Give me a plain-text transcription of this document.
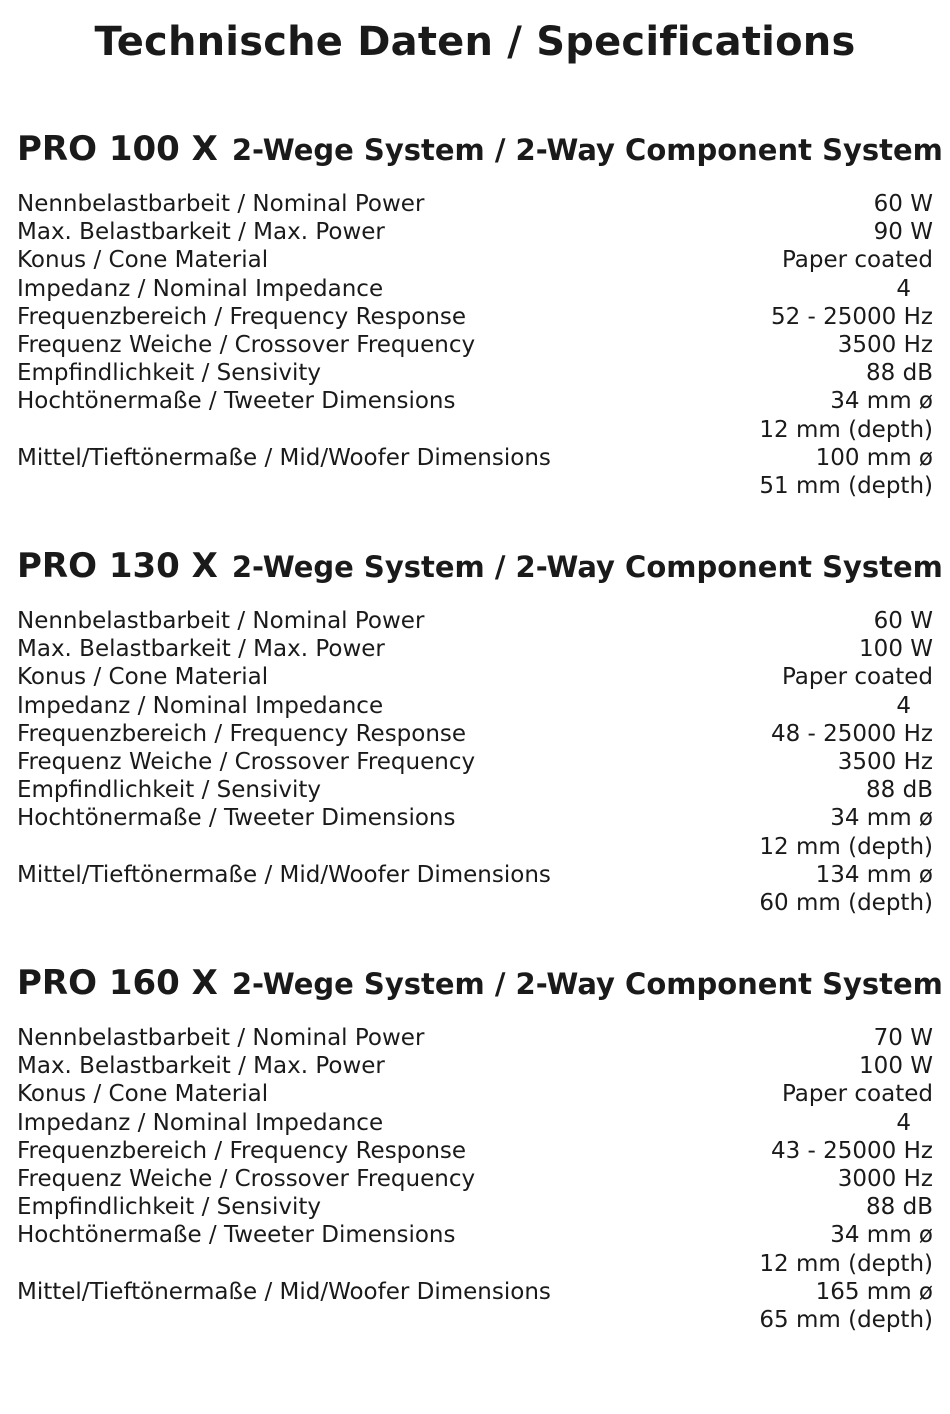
Technische Daten / Specifications
PRO 100 X 2-Wege System / 2-Way Component System
Nennbelastbarbeit / Nominal Power	60 W
Max. Belastbarkeit / Max. Power	90 W
Konus / Cone Material	Paper coated
Impedanz / Nominal Impedance	4
Frequenzbereich / Frequency Response	52 - 25000 Hz
Frequenz Weiche / Crossover Frequency	3500 Hz
Empfindlichkeit / Sensivity	88 dB
Hochtönermaße / Tweeter Dimensions	34 mm ø
12 mm (depth)
Mittel/Tieftönermaße / Mid/Woofer Dimensions	100 mm ø
51 mm (depth)
PRO 130 X 2-Wege System / 2-Way Component System
Nennbelastbarbeit / Nominal Power	60 W
Max. Belastbarkeit / Max. Power	100 W
Konus / Cone Material	Paper coated
Impedanz / Nominal Impedance	4
Frequenzbereich / Frequency Response	48 - 25000 Hz
Frequenz Weiche / Crossover Frequency	3500 Hz
Empfindlichkeit / Sensivity	88 dB
Hochtönermaße / Tweeter Dimensions	34 mm ø
12 mm (depth)
Mittel/Tieftönermaße / Mid/Woofer Dimensions	134 mm ø
60 mm (depth)
PRO 160 X 2-Wege System / 2-Way Component System
Nennbelastbarbeit / Nominal Power	70 W
Max. Belastbarkeit / Max. Power	100 W
Konus / Cone Material	Paper coated
Impedanz / Nominal Impedance	4
Frequenzbereich / Frequency Response	43 - 25000 Hz
Frequenz Weiche / Crossover Frequency	3000 Hz
Empfindlichkeit / Sensivity	88 dB
Hochtönermaße / Tweeter Dimensions	34 mm ø
12 mm (depth)
Mittel/Tieftönermaße / Mid/Woofer Dimensions	165 mm ø
65 mm (depth)
